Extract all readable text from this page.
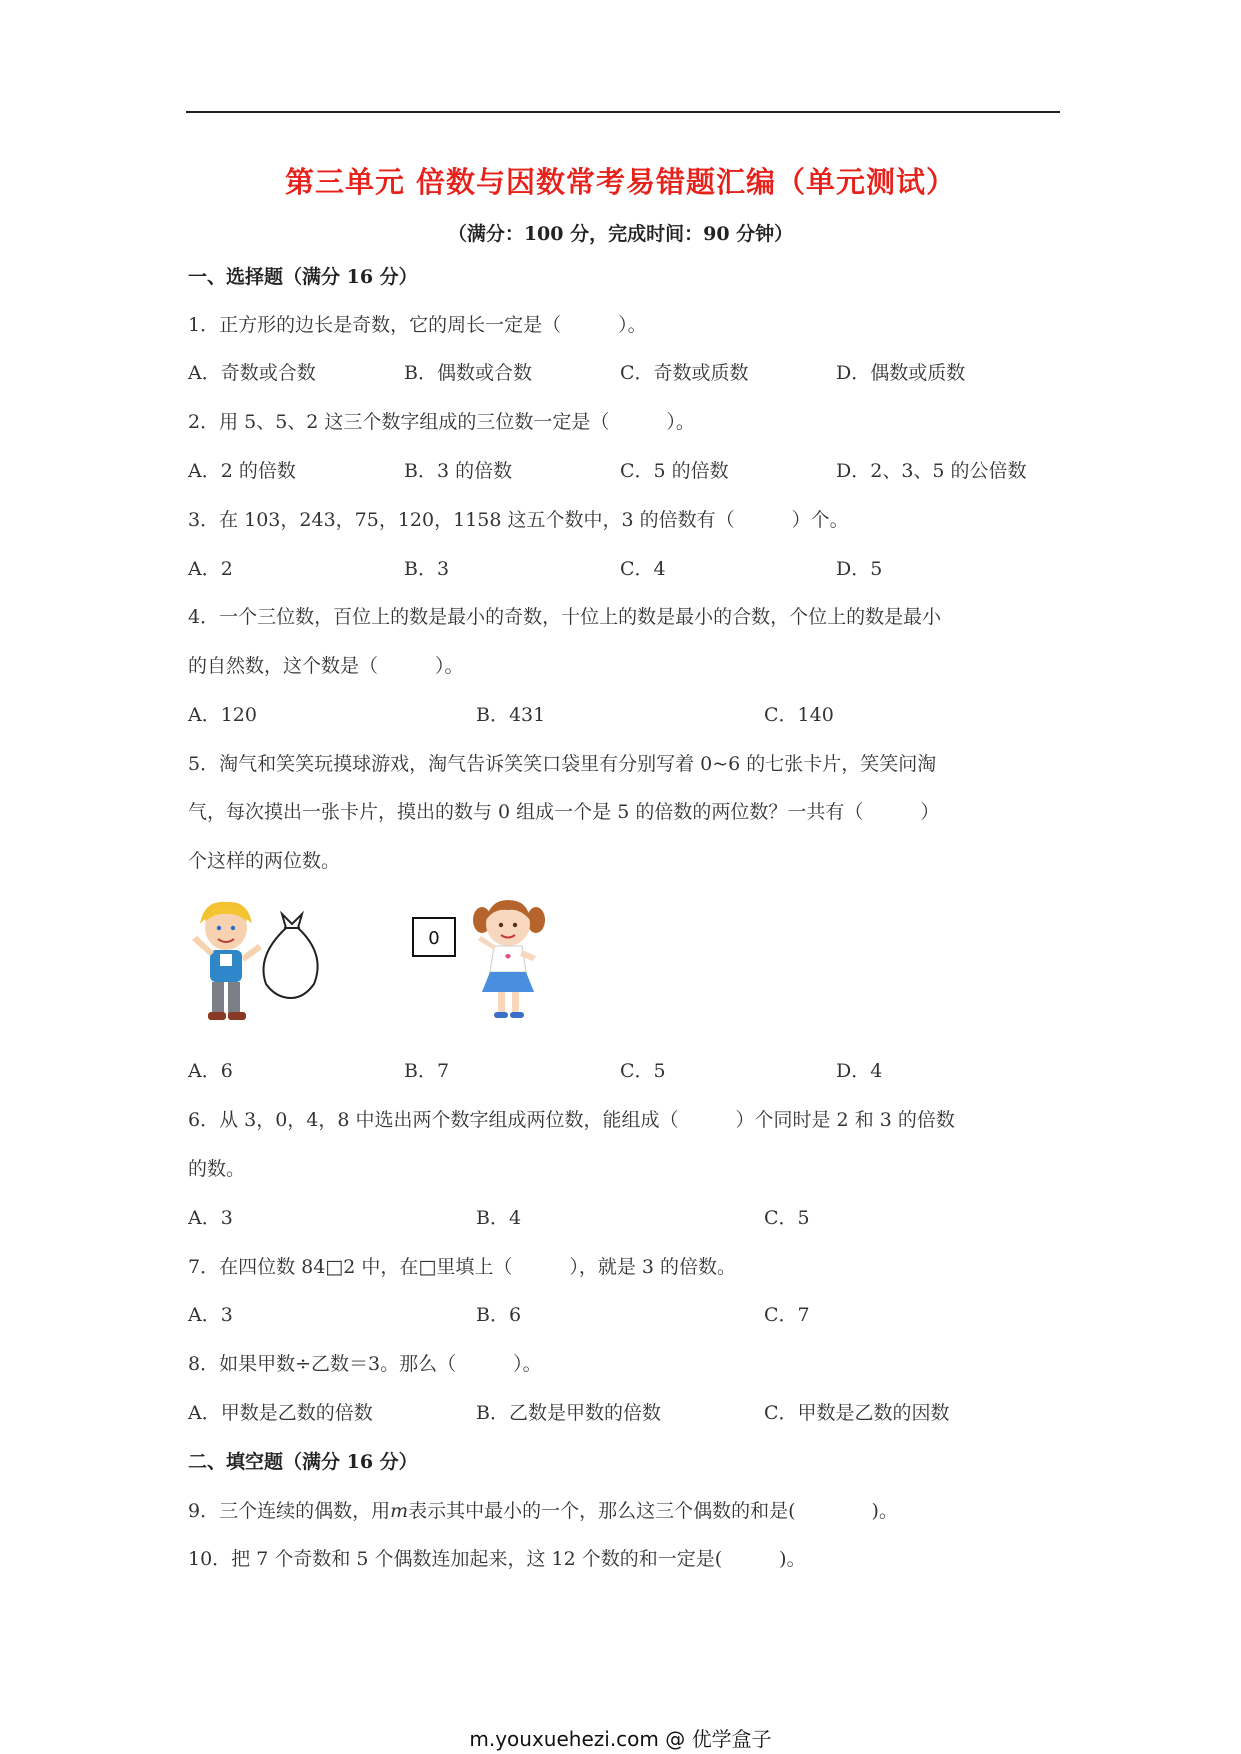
第三单元 倍数与因数常考易错题汇编（单元测试）
（满分：100 分，完成时间：90 分钟）
一、选择题（满分 16 分）
1．正方形的边长是奇数，它的周长一定是（　　　）。
A．奇数或合数	B．偶数或合数	C．奇数或质数	D．偶数或质数
2．用 5、5、2 这三个数字组成的三位数一定是（　　　）。
A．2 的倍数	B．3 的倍数	C．5 的倍数	D．2、3、5 的公倍数
3．在 103，243，75，120，1158 这五个数中，3 的倍数有（　　　）个。
A．2	B．3	C．4	D．5
4．一个三位数，百位上的数是最小的奇数，十位上的数是最小的合数，个位上的数是最小
的自然数，这个数是（　　　）。
A．120	B．431	C．140
5．淘气和笑笑玩摸球游戏，淘气告诉笑笑口袋里有分别写着 0~6 的七张卡片，笑笑问淘
气，每次摸出一张卡片，摸出的数与 0 组成一个是 5 的倍数的两位数？一共有（　　　）
个这样的两位数。
0
A．6	B．7	C．5	D．4
6．从 3，0，4，8 中选出两个数字组成两位数，能组成（　　　）个同时是 2 和 3 的倍数
的数。
A．3	B．4	C．5
7．在四位数 84□2 中，在□里填上（　　　），就是 3 的倍数。
A．3	B．6	C．7
8．如果甲数÷乙数＝3。那么（　　　）。
A．甲数是乙数的倍数	B．乙数是甲数的倍数	C．甲数是乙数的因数
二、填空题（满分 16 分）
9．三个连续的偶数，用m表示其中最小的一个，那么这三个偶数的和是(　　　　)。
10．把 7 个奇数和 5 个偶数连加起来，这 12 个数的和一定是(　　　)。
m.youxuehezi.com @ 优学盒子
